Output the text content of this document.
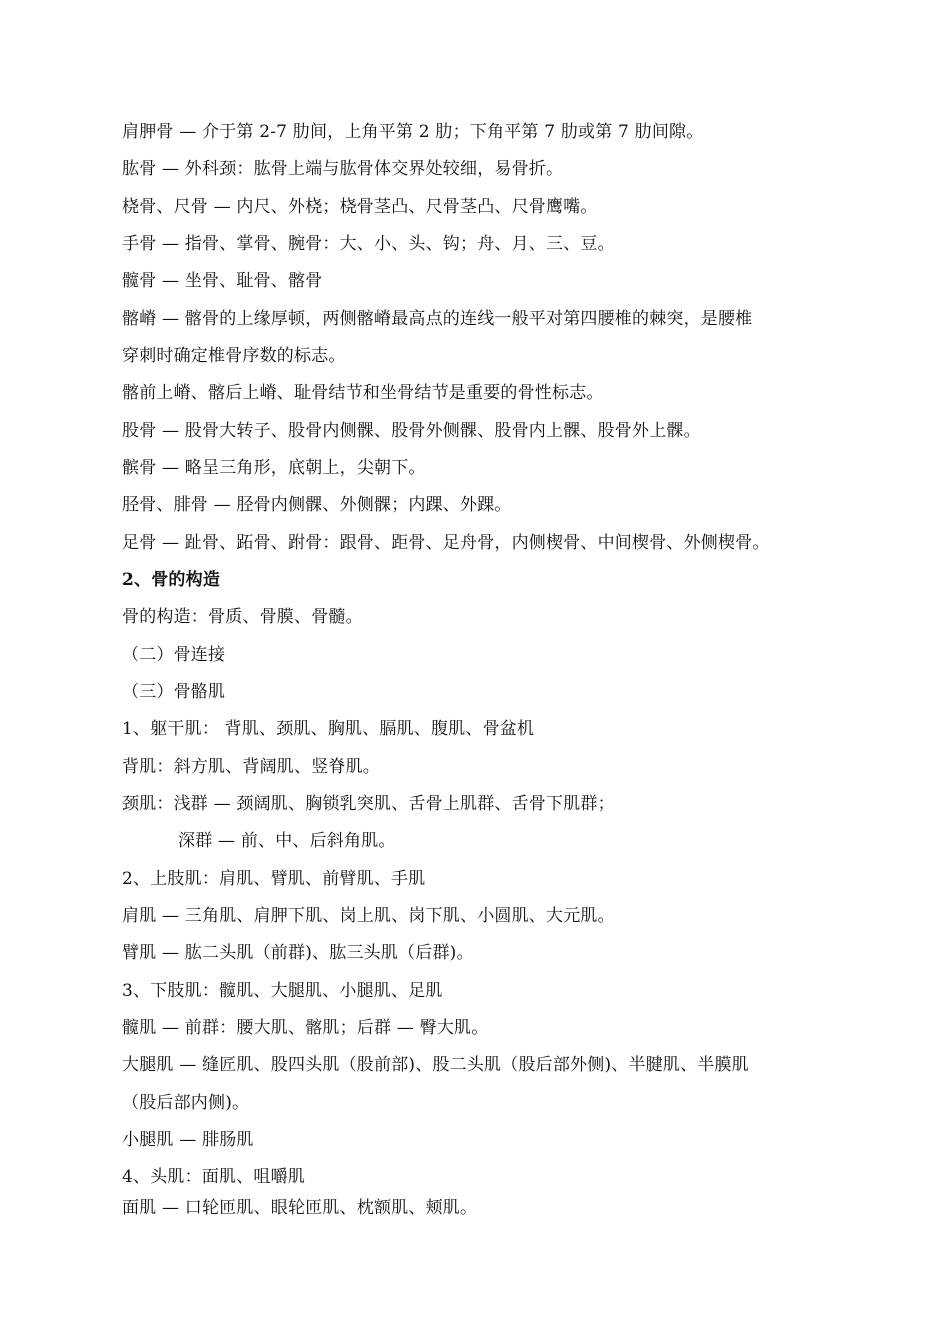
肩胛骨 — 介于第 2-7 肋间，上角平第 2 肋；下角平第 7 肋或第 7 肋间隙。
肱骨 — 外科颈：肱骨上端与肱骨体交界处较细，易骨折。
桡骨、尺骨 — 内尺、外桡；桡骨茎凸、尺骨茎凸、尺骨鹰嘴。
手骨 — 指骨、掌骨、腕骨：大、小、头、钩；舟、月、三、豆。
髋骨 — 坐骨、耻骨、髂骨
髂嵴 — 髂骨的上缘厚顿，两侧髂嵴最高点的连线一般平对第四腰椎的棘突，是腰椎
穿刺时确定椎骨序数的标志。
髂前上嵴、髂后上嵴、耻骨结节和坐骨结节是重要的骨性标志。
股骨 — 股骨大转子、股骨内侧髁、股骨外侧髁、股骨内上髁、股骨外上髁。
髌骨 — 略呈三角形，底朝上，尖朝下。
胫骨、腓骨 — 胫骨内侧髁、外侧髁；内踝、外踝。
足骨 — 趾骨、跖骨、跗骨：跟骨、距骨、足舟骨，内侧楔骨、中间楔骨、外侧楔骨。
2、骨的构造
骨的构造：骨质、骨膜、骨髓。
（二）骨连接
（三）骨骼肌
1、躯干肌： 背肌、颈肌、胸肌、膈肌、腹肌、骨盆机
背肌：斜方肌、背阔肌、竖脊肌。
颈肌：浅群 — 颈阔肌、胸锁乳突肌、舌骨上肌群、舌骨下肌群；
深群 — 前、中、后斜角肌。
2、上肢肌：肩肌、臂肌、前臂肌、手肌
肩肌 — 三角肌、肩胛下肌、岗上肌、岗下肌、小圆肌、大元肌。
臂肌 — 肱二头肌（前群)、肱三头肌（后群)。
3、下肢肌：髋肌、大腿肌、小腿肌、足肌
髋肌 — 前群：腰大肌、髂肌；后群 — 臀大肌。
大腿肌 — 缝匠肌、股四头肌（股前部)、股二头肌（股后部外侧)、半腱肌、半膜肌
（股后部内侧)。
小腿肌 — 腓肠肌
4、头肌：面肌、咀嚼肌
面肌 — 口轮匝肌、眼轮匝肌、枕额肌、颊肌。
